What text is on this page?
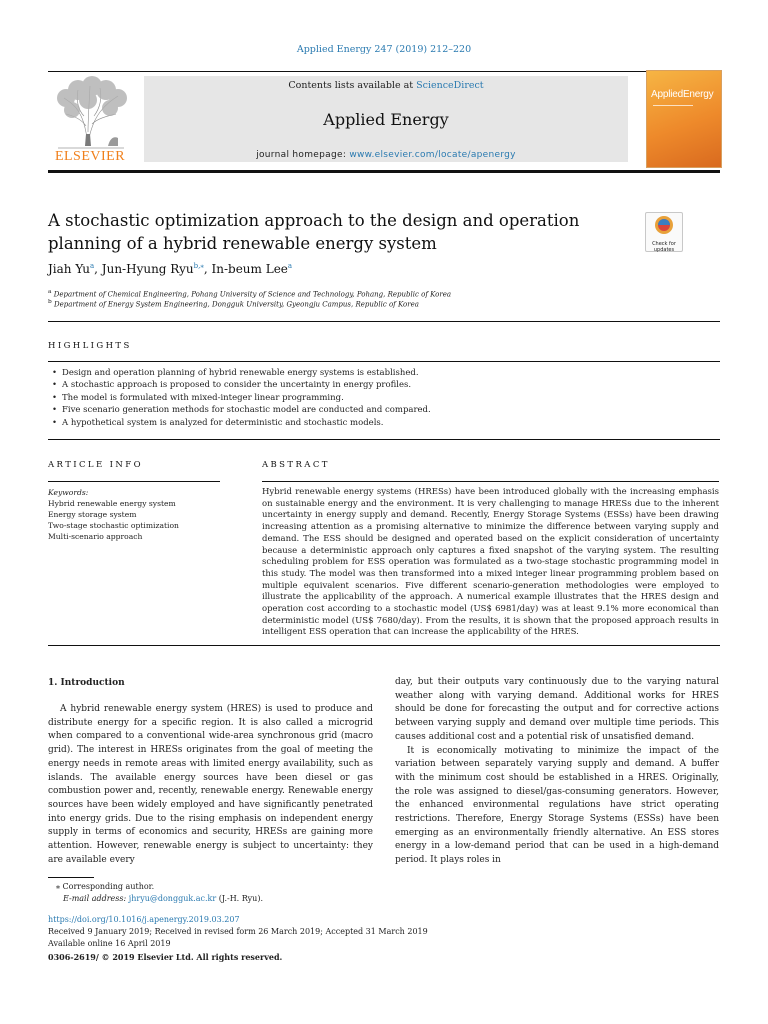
Applied Energy 247 (2019) 212–220
ELSEVIER
Contents lists available at ScienceDirect
Applied Energy
journal homepage: www.elsevier.com/locate/apenergy
AppliedEnergy
A stochastic optimization approach to the design and operation planning of a hybrid renewable energy system	Check for updates
Jiah Yu$^a$, Jun-Hyung Ryu$^{b,⁎}$, In-beum Lee$^a$
$^a$ Department of Chemical Engineering, Pohang University of Science and Technology, Pohang, Republic of Korea
$^b$ Department of Energy System Engineering, Dongguk University, Gyeongju Campus, Republic of Korea
HIGHLIGHTS
• Design and operation planning of hybrid renewable energy systems is established.
• A stochastic approach is proposed to consider the uncertainty in energy profiles.
• The model is formulated with mixed-integer linear programming.
• Five scenario generation methods for stochastic model are conducted and compared.
• A hypothetical system is analyzed for deterministic and stochastic models.
ARTICLE INFO
Keywords:
Hybrid renewable energy system
Energy storage system
Two-stage stochastic optimization
Multi-scenario approach
ABSTRACT
Hybrid renewable energy systems (HRESs) have been introduced globally with the increasing emphasis on sustainable energy and the environment. It is very challenging to manage HRESs due to the inherent uncertainty in energy supply and demand. Recently, Energy Storage Systems (ESSs) have been drawing increasing attention as a promising alternative to minimize the difference between varying supply and demand. The ESS should be designed and operated based on the explicit consideration of uncertainty because a deterministic approach only captures a fixed snapshot of the varying system. The resulting scheduling problem for ESS operation was formulated as a two-stage stochastic programming model in this study. The model was then transformed into a mixed integer linear programming problem based on multiple equivalent scenarios. Five different scenario-generation methodologies were employed to illustrate the applicability of the approach. A numerical example illustrates that the HRES design and operation cost according to a stochastic model (US$ 6981/day) was at least 9.1% more economical than deterministic model (US$ 7680/day). From the results, it is shown that the proposed approach results in intelligent ESS operation that can increase the applicability of the HRES.
1. Introduction

A hybrid renewable energy system (HRES) is used to produce and distribute energy for a specific region. It is also called a microgrid when compared to a conventional wide-area synchronous grid (macro grid). The interest in HRESs originates from the goal of meeting the energy needs in remote areas with limited energy availability, such as islands. The available energy sources have been diesel or gas combustion power and, recently, renewable energy. Renewable energy sources have been widely employed and have significantly penetrated into energy grids. Due to the rising emphasis on independent energy supply in terms of economics and security, HRESs are gaining more attention. However, renewable energy is subject to uncertainty: they are available every

day, but their outputs vary continuously due to the varying natural weather along with varying demand. Additional works for HRES should be done for forecasting the output and for corrective actions between varying supply and demand over multiple time periods. This causes additional cost and a potential risk of unsatisfied demand.

It is economically motivating to minimize the impact of the variation between separately varying supply and demand. A buffer with the minimum cost should be established in a HRES. Originally, the role was assigned to diesel/gas-consuming generators. However, the enhanced environmental regulations have strict operating restrictions. Therefore, Energy Storage Systems (ESSs) have been emerging as an environmentally friendly alternative. An ESS stores energy in a low-demand period that can be used in a high-demand period. It plays roles in

⁎ Corresponding author.
E-mail address: jhryu@dongguk.ac.kr (J.-H. Ryu).
https://doi.org/10.1016/j.apenergy.2019.03.207
Received 9 January 2019; Received in revised form 26 March 2019; Accepted 31 March 2019
Available online 16 April 2019
0306-2619/ © 2019 Elsevier Ltd. All rights reserved.
